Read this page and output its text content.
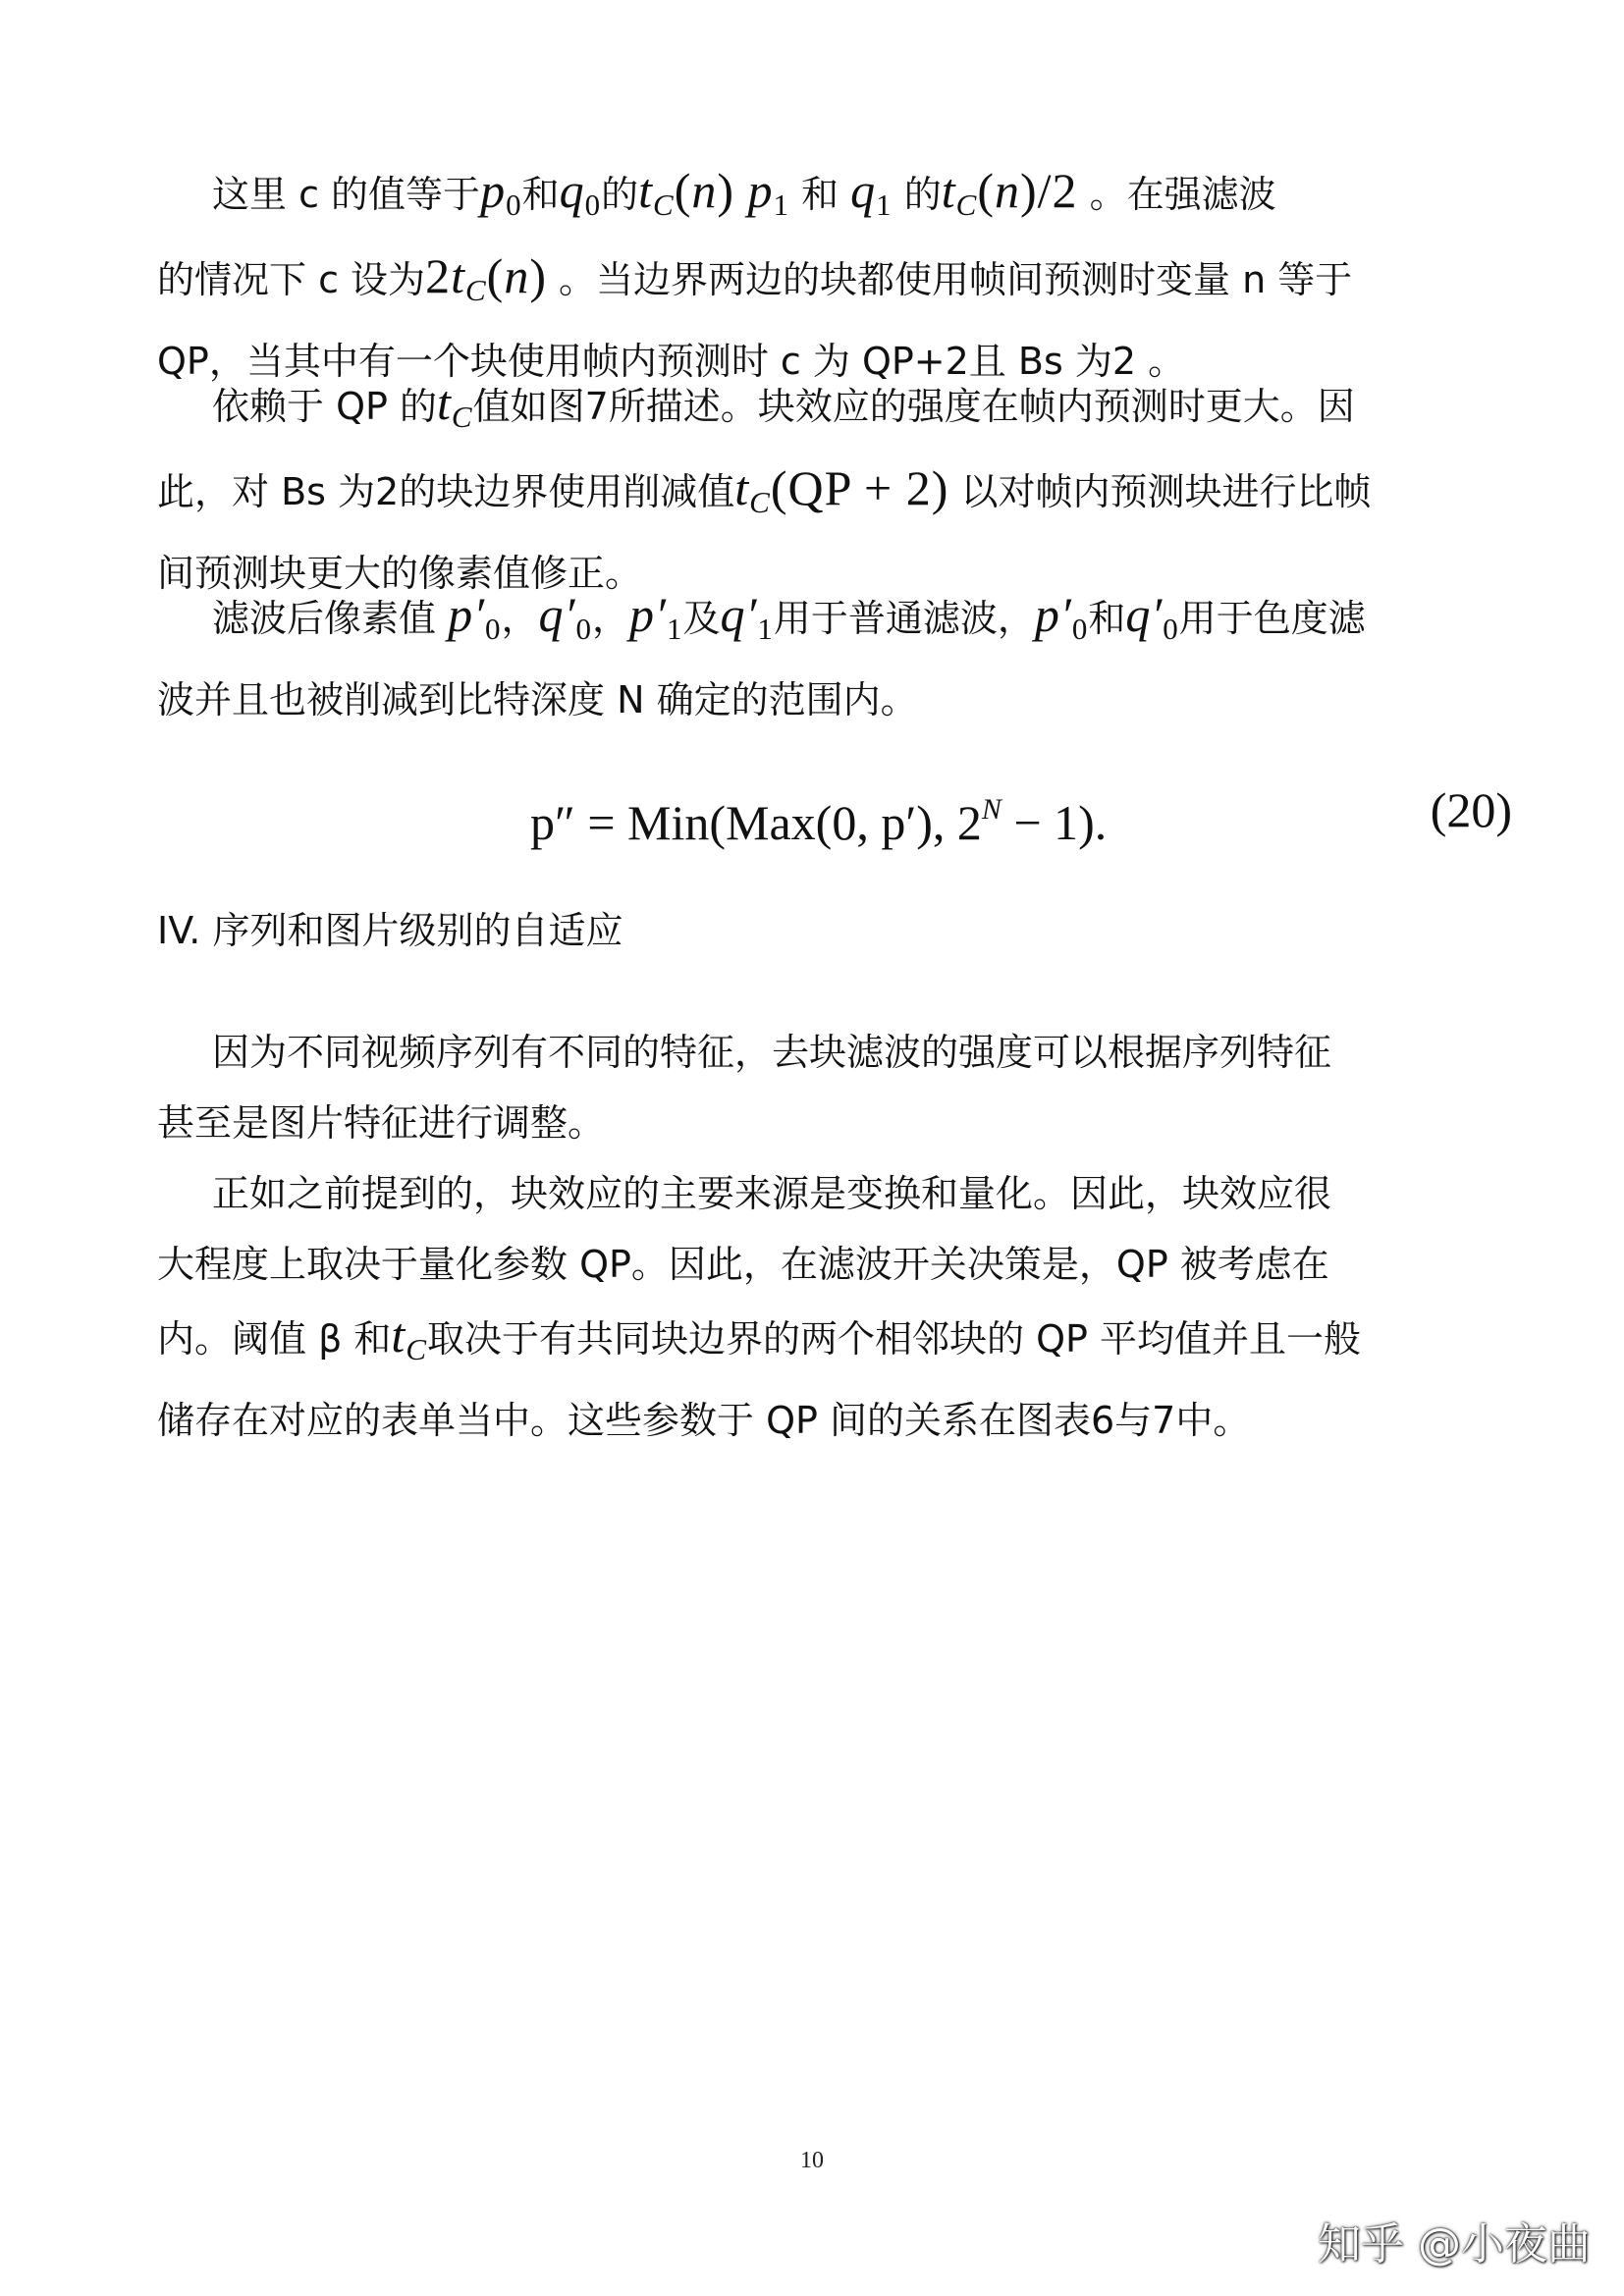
这里 c 的值等于$p_0$和$q_0$的$t_C(n)$ $p_1$ 和 $q_1$ 的$t_C(n)/2$ 。在强滤波
的情况下 c 设为$2t_C(n)$ 。当边界两边的块都使用帧间预测时变量 n 等于
QP，当其中有一个块使用帧内预测时 c 为 QP+2且 Bs 为2 。
依赖于 QP 的$t_C$值如图7所描述。块效应的强度在帧内预测时更大。因
此，对 Bs 为2的块边界使用削减值$t_C(QP + 2)$ 以对帧内预测块进行比帧
间预测块更大的像素值修正。
滤波后像素值 $p'_0$，$q'_0$，$p'_1$及$q'_1$用于普通滤波，$p'_0$和$q'_0$用于色度滤
波并且也被削减到比特深度 N 确定的范围内。
p″ = Min(Max(0, p′), $2^N - 1$).	(20)
IV. 序列和图片级别的自适应
因为不同视频序列有不同的特征，去块滤波的强度可以根据序列特征
甚至是图片特征进行调整。
正如之前提到的，块效应的主要来源是变换和量化。因此，块效应很
大程度上取决于量化参数 QP。因此，在滤波开关决策是，QP 被考虑在
内。阈值 β 和$t_C$取决于有共同块边界的两个相邻块的 QP 平均值并且一般
储存在对应的表单当中。这些参数于 QP 间的关系在图表6与7中。
10
知乎 @小夜曲
